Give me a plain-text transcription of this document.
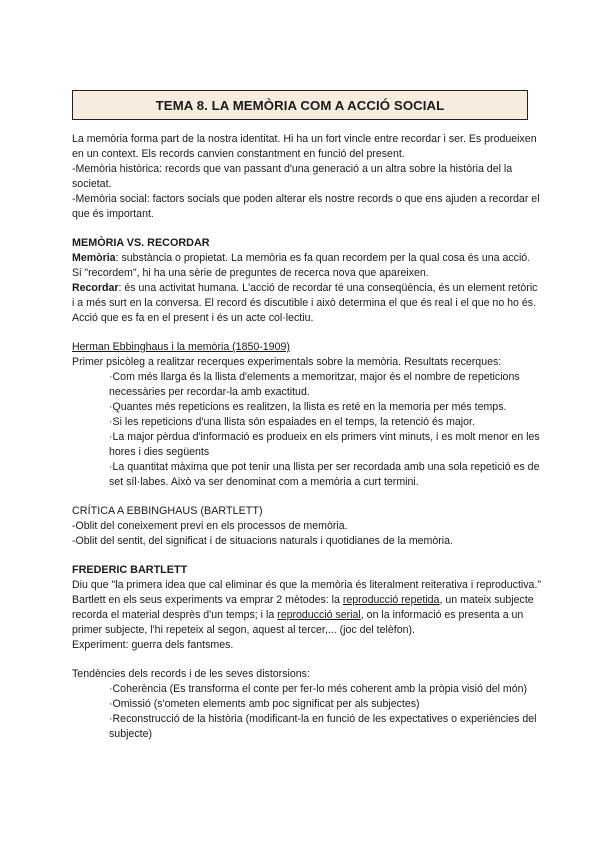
TEMA 8. LA MEMÒRIA COM A ACCIÓ SOCIAL

La memòria forma part de la nostra identitat. Hi ha un fort vincle entre recordar i ser. Es produeixen en un context. Els records canvien constantment en funció del present.

-Memòria històrica: records que van passant d'una generació a un altra sobre la història del la societat.

-Memòria social: factors socials que poden alterar els nostre records o que ens ajuden a recordar el que és important.

MEMÒRIA VS. RECORDAR

Memòria: substància o propietat. La memòria es fa quan recordem per la qual cosa és una acció. Si "recordem", hi ha una sèrie de preguntes de recerca nova que apareixen.

Recordar: és una activitat humana. L'acció de recordar té una conseqüència, és un element retòric i a més surt en la conversa. El record és discutible i això determina el que és real i el que no ho és. Acció que es fa en el present i és un acte col·lectiu.

Herman Ebbinghaus i la memòria (1850-1909)

Primer psicòleg a realitzar recerques experimentals sobre la memòria. Resultats recerques:

·Com més llarga és la llista d'elements a memoritzar, major és el nombre de repeticions necessàries per recordar-la amb exactitud.

·Quantes més repeticions es realitzen, la llista es reté en la memoria per més temps.

·Si les repeticions d'una llista són espaiades en el temps, la retenció és major.

·La major pèrdua d'informació es produeix en els primers vint minuts, i es molt menor en les hores i dies següents

·La quantitat màxima que pot tenir una llista per ser recordada amb una sola repetició es de set síl·labes. Això va ser denominat com a memòria a curt termini.

CRÍTICA A EBBINGHAUS (BARTLETT)

-Oblit del coneixement previ en els processos de memòria.

-Oblit del sentit, del significat i de situacions naturals i quotidianes de la memòria.

FREDERIC BARTLETT

Diu que "la primera idea que cal eliminar és que la memòria és literalment reiterativa i reproductiva."

Bartlett en els seus experiments va emprar 2 mètodes: la reproducció repetida, un mateix subjecte recorda el material desprès d'un temps; i la reproducció serial, on la informació es presenta a un primer subjecte, l'hi repeteix al segon, aquest al tercer,... (joc del telèfon).

Experiment: guerra dels fantsmes.

Tendències dels records i de les seves distorsions:

·Coherència (Es transforma el conte per fer-lo més coherent amb la pròpia visió del món)

·Omissió (s'ometen elements amb poc significat per als subjectes)

·Reconstrucció de la història (modificant-la en funció de les expectatives o experiències del subjecte)
